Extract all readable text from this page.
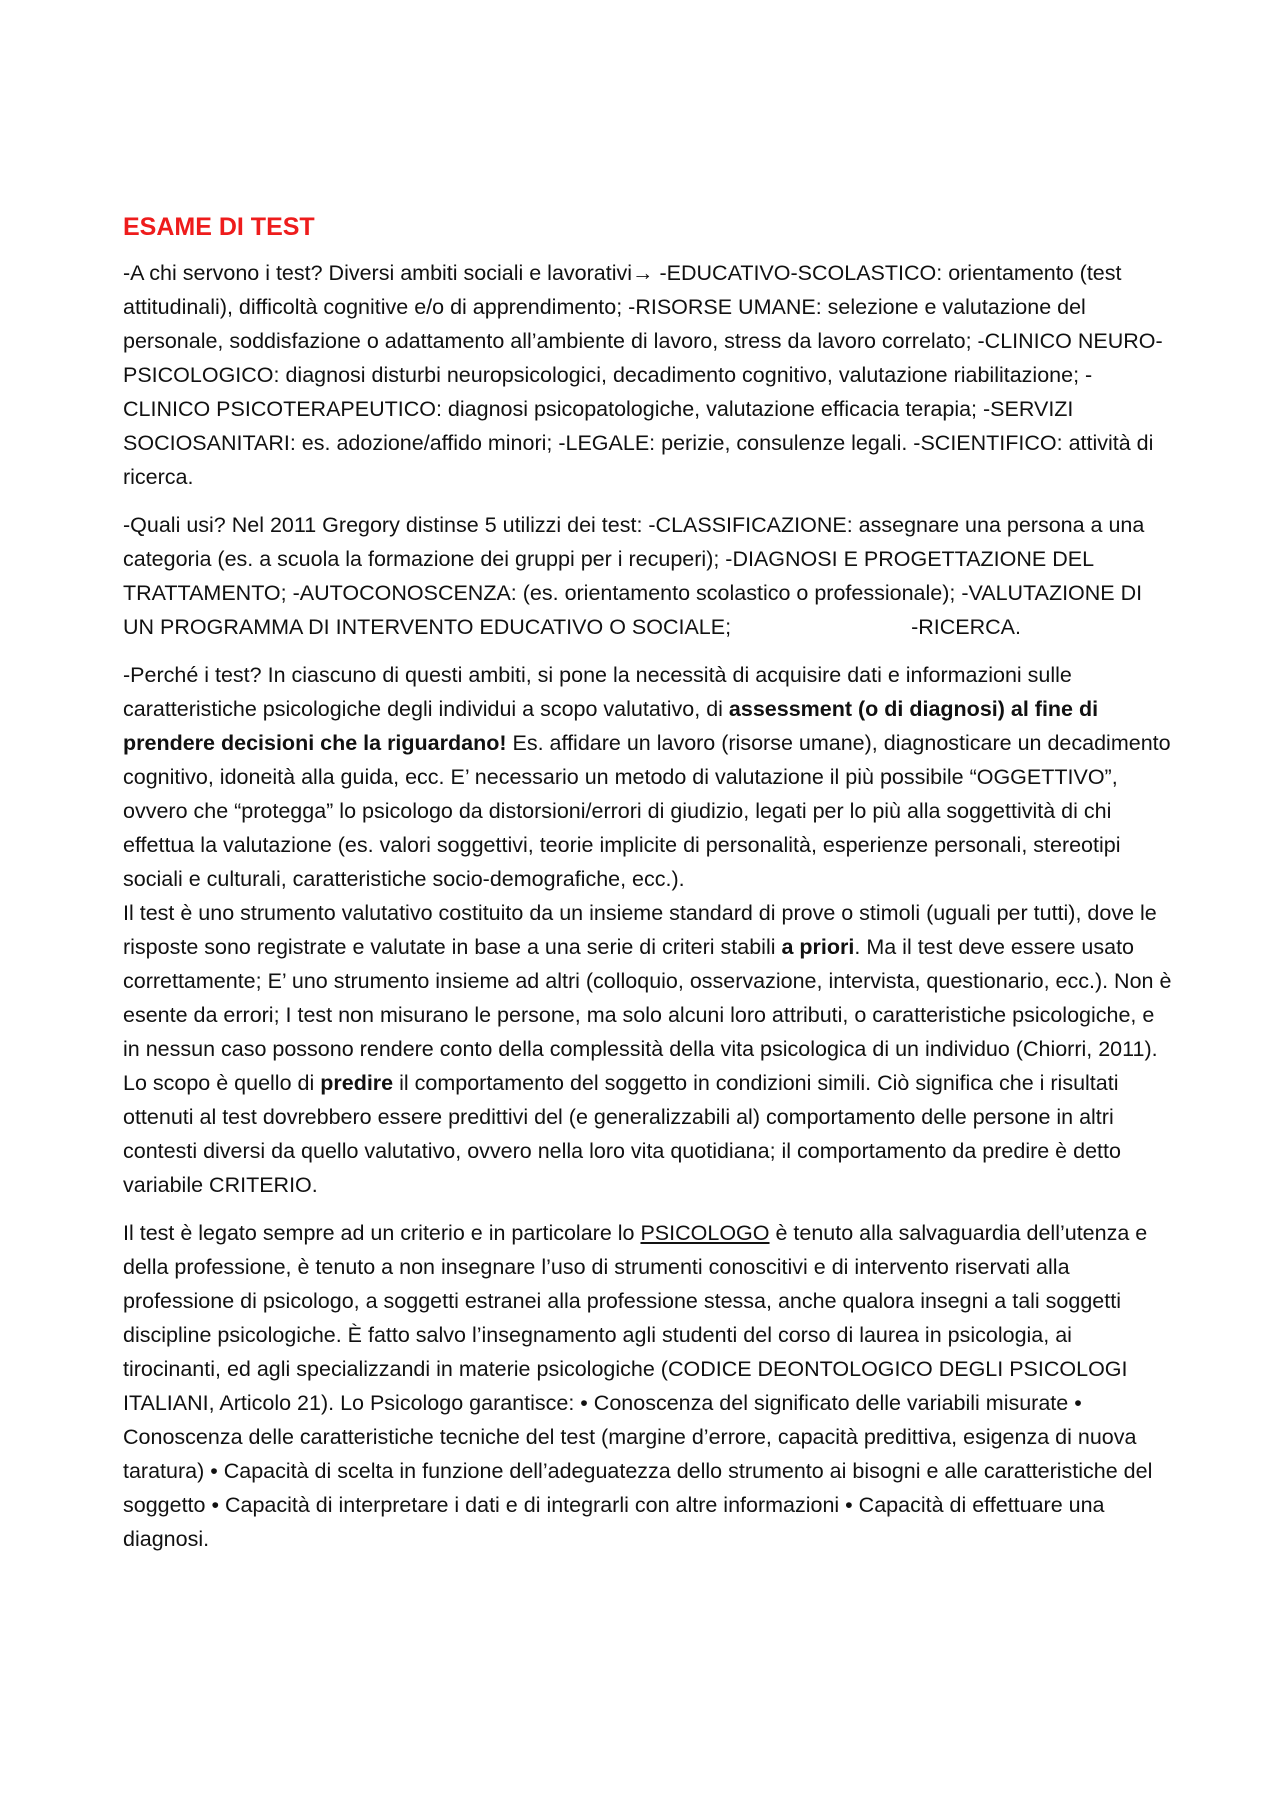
ESAME DI TEST

-A chi servono i test? Diversi ambiti sociali e lavorativi→ -EDUCATIVO-SCOLASTICO: orientamento (test attitudinali), difficoltà cognitive e/o di apprendimento; -RISORSE UMANE: selezione e valutazione del personale, soddisfazione o adattamento all’ambiente di lavoro, stress da lavoro correlato; -CLINICO NEURO-PSICOLOGICO: diagnosi disturbi neuropsicologici, decadimento cognitivo, valutazione riabilitazione; -CLINICO PSICOTERAPEUTICO: diagnosi psicopatologiche, valutazione efficacia terapia; -SERVIZI SOCIOSANITARI: es. adozione/affido minori; -LEGALE: perizie, consulenze legali. -SCIENTIFICO: attività di ricerca.

-Quali usi? Nel 2011 Gregory distinse 5 utilizzi dei test: -CLASSIFICAZIONE: assegnare una persona a una categoria (es. a scuola la formazione dei gruppi per i recuperi); -DIAGNOSI E PROGETTAZIONE DEL TRATTAMENTO; -AUTOCONOSCENZA: (es. orientamento scolastico o professionale); -VALUTAZIONE DI UN PROGRAMMA DI INTERVENTO EDUCATIVO O SOCIALE;	-RICERCA.

-Perché i test? In ciascuno di questi ambiti, si pone la necessità di acquisire dati e informazioni sulle caratteristiche psicologiche degli individui a scopo valutativo, di assessment (o di diagnosi) al fine di prendere decisioni che la riguardano! Es. affidare un lavoro (risorse umane), diagnosticare un decadimento cognitivo, idoneità alla guida, ecc. E’ necessario un metodo di valutazione il più possibile “OGGETTIVO”, ovvero che “protegga” lo psicologo da distorsioni/errori di giudizio, legati per lo più alla soggettività di chi effettua la valutazione (es. valori soggettivi, teorie implicite di personalità, esperienze personali, stereotipi sociali e culturali, caratteristiche socio-demografiche, ecc.).

Il test è uno strumento valutativo costituito da un insieme standard di prove o stimoli (uguali per tutti), dove le risposte sono registrate e valutate in base a una serie di criteri stabili a priori. Ma il test deve essere usato correttamente; E’ uno strumento insieme ad altri (colloquio, osservazione, intervista, questionario, ecc.). Non è esente da errori; I test non misurano le persone, ma solo alcuni loro attributi, o caratteristiche psicologiche, e in nessun caso possono rendere conto della complessità della vita psicologica di un individuo (Chiorri, 2011).

Lo scopo è quello di predire il comportamento del soggetto in condizioni simili. Ciò significa che i risultati ottenuti al test dovrebbero essere predittivi del (e generalizzabili al) comportamento delle persone in altri contesti diversi da quello valutativo, ovvero nella loro vita quotidiana; il comportamento da predire è detto variabile CRITERIO.

Il test è legato sempre ad un criterio e in particolare lo PSICOLOGO è tenuto alla salvaguardia dell’utenza e della professione, è tenuto a non insegnare l’uso di strumenti conoscitivi e di intervento riservati alla professione di psicologo, a soggetti estranei alla professione stessa, anche qualora insegni a tali soggetti discipline psicologiche. È fatto salvo l’insegnamento agli studenti del corso di laurea in psicologia, ai tirocinanti, ed agli specializzandi in materie psicologiche (CODICE DEONTOLOGICO DEGLI PSICOLOGI ITALIANI, Articolo 21). Lo Psicologo garantisce: • Conoscenza del significato delle variabili misurate • Conoscenza delle caratteristiche tecniche del test (margine d’errore, capacità predittiva, esigenza di nuova taratura) • Capacità di scelta in funzione dell’adeguatezza dello strumento ai bisogni e alle caratteristiche del soggetto • Capacità di interpretare i dati e di integrarli con altre informazioni • Capacità di effettuare una diagnosi.
